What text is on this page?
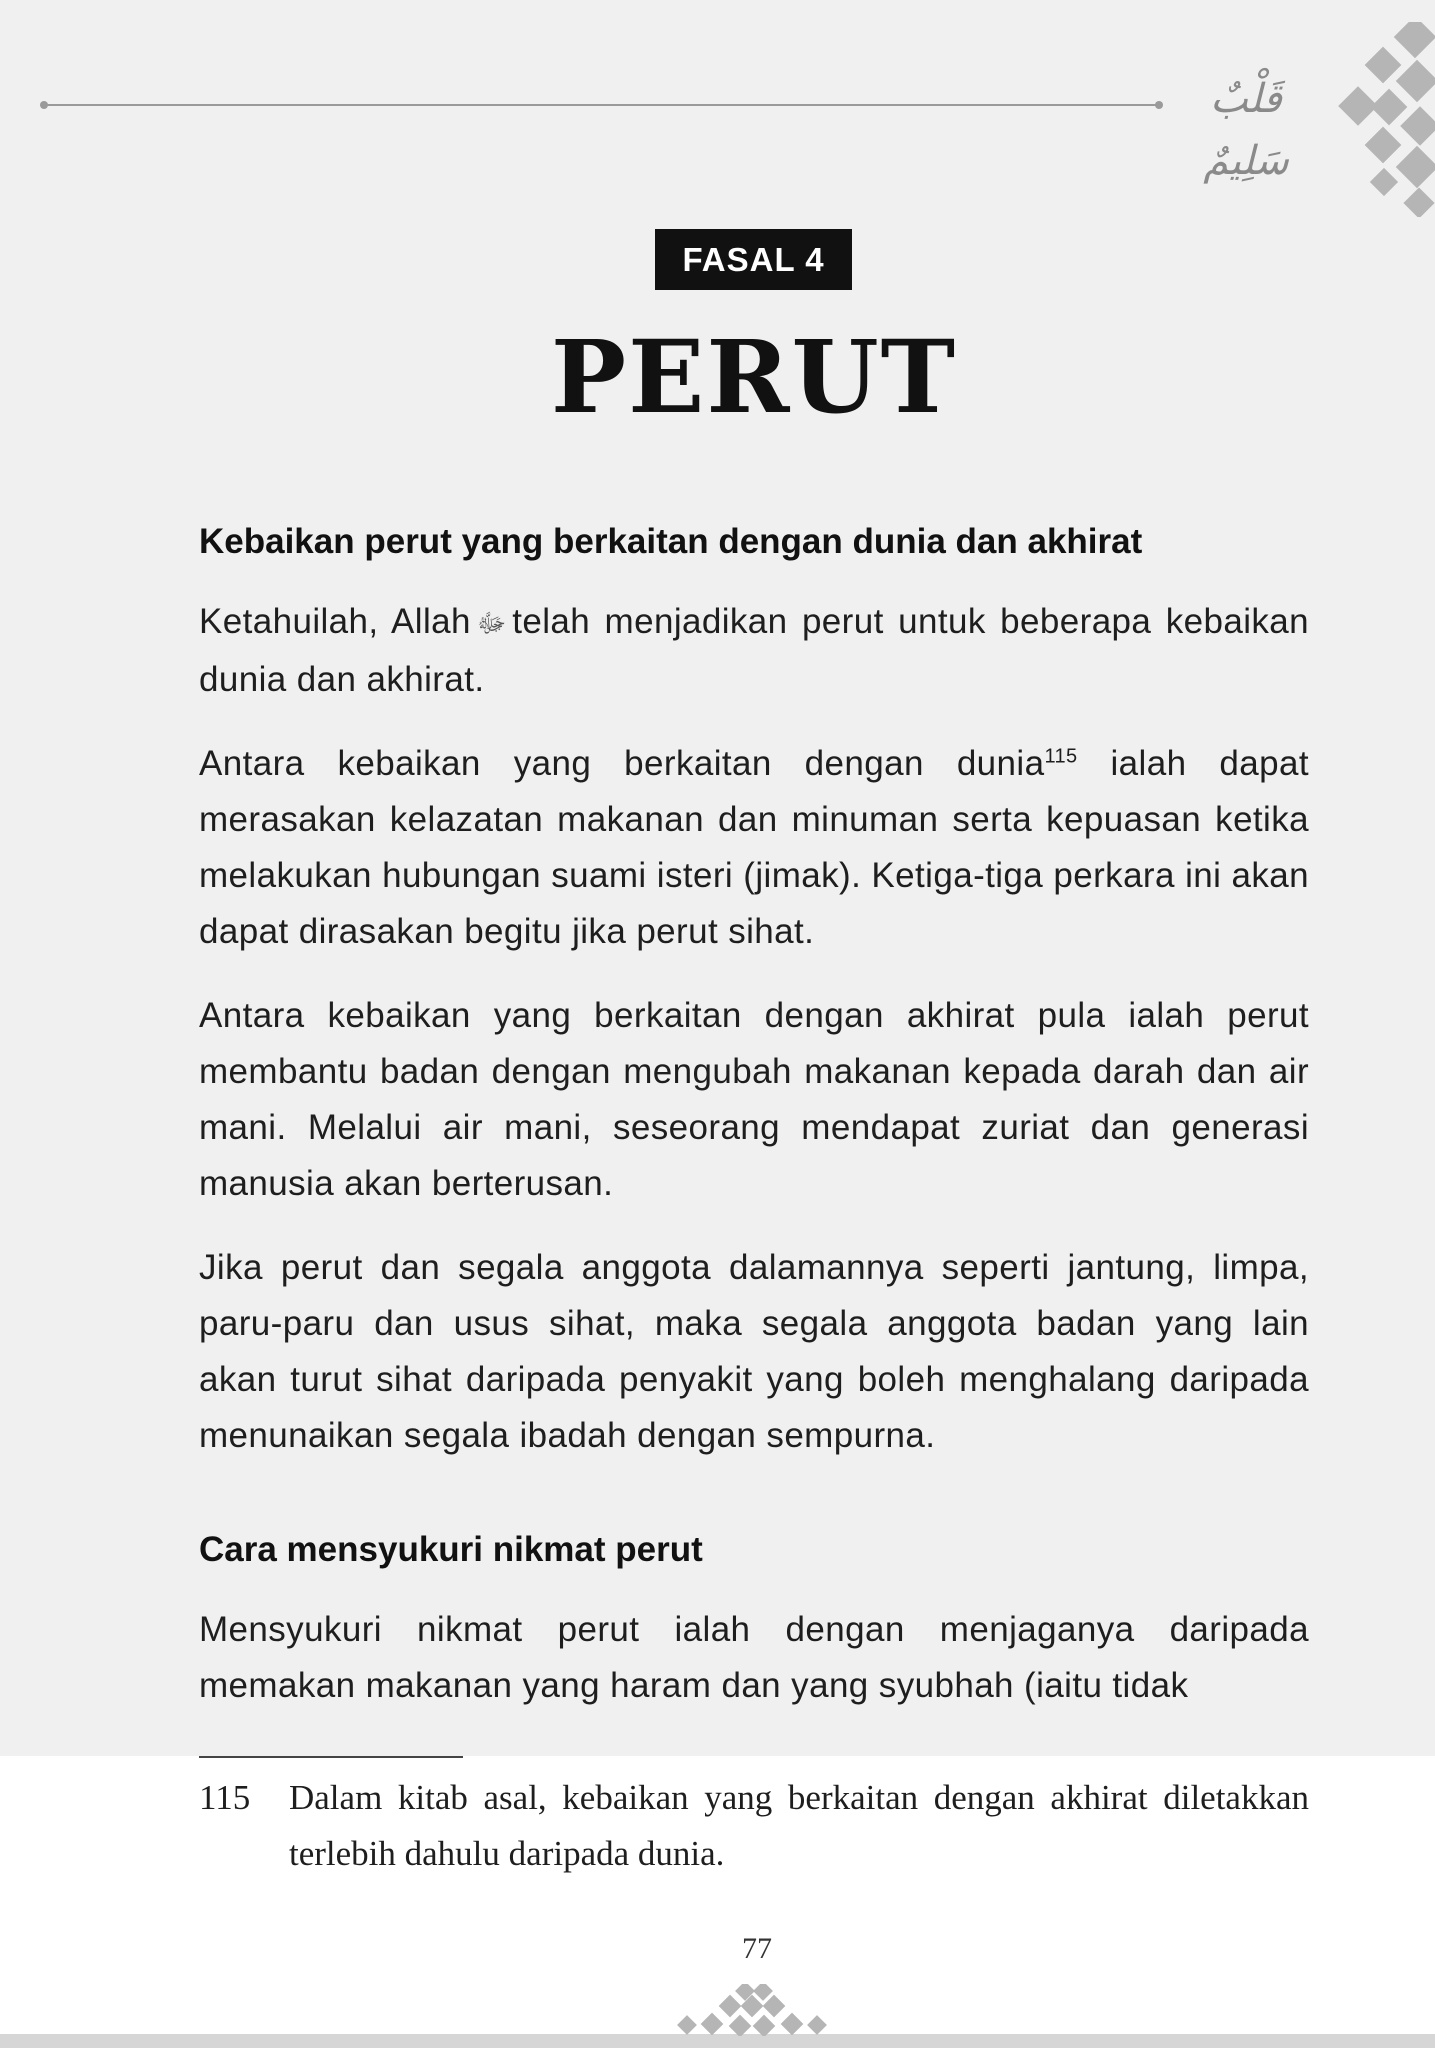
قَلْبٌ سَلِيمٌ
FASAL 4
PERUT
Kebaikan perut yang berkaitan dengan dunia dan akhirat

Ketahuilah, Allah ﷻ telah menjadikan perut untuk beberapa kebaikan dunia dan akhirat.

Antara kebaikan yang berkaitan dengan dunia$^{115}$ ialah dapat merasakan kelazatan makanan dan minuman serta kepuasan ketika melakukan hubungan suami isteri (jimak). Ketiga-tiga perkara ini akan dapat dirasakan begitu jika perut sihat.

Antara kebaikan yang berkaitan dengan akhirat pula ialah perut membantu badan dengan mengubah makanan kepada darah dan air mani. Melalui air mani, seseorang mendapat zuriat dan generasi manusia akan berterusan.

Jika perut dan segala anggota dalamannya seperti jantung, limpa, paru-paru dan usus sihat, maka segala anggota badan yang lain akan turut sihat daripada penyakit yang boleh menghalang daripada menunaikan segala ibadah dengan sempurna.

Cara mensyukuri nikmat perut

Mensyukuri nikmat perut ialah dengan menjaganya daripada memakan makanan yang haram dan yang syubhah (iaitu tidak

115	Dalam kitab asal, kebaikan yang berkaitan dengan akhirat diletakkan terlebih dahulu daripada dunia.
77
